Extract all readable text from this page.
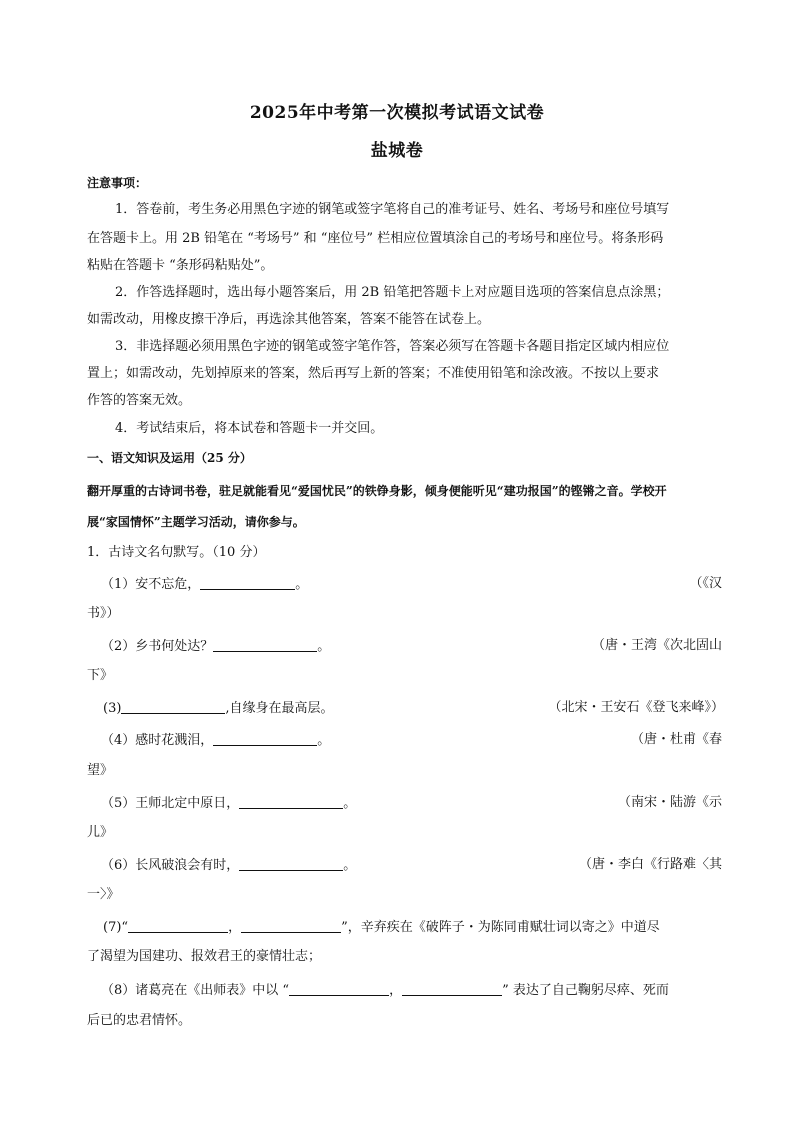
2025年中考第一次模拟考试语文试卷
盐城卷
注意事项：
1．答卷前，考生务必用黑色字迹的钢笔或签字笔将自己的准考证号、姓名、考场号和座位号填写
在答题卡上。用 2B 铅笔在 “考场号” 和 “座位号” 栏相应位置填涂自己的考场号和座位号。将条形码
粘贴在答题卡 “条形码粘贴处”。
2．作答选择题时，选出每小题答案后，用 2B 铅笔把答题卡上对应题目选项的答案信息点涂黑；
如需改动，用橡皮擦干净后，再选涂其他答案，答案不能答在试卷上。
3．非选择题必须用黑色字迹的钢笔或签字笔作答，答案必须写在答题卡各题目指定区域内相应位
置上；如需改动，先划掉原来的答案，然后再写上新的答案；不准使用铅笔和涂改液。不按以上要求
作答的答案无效。
4．考试结束后，将本试卷和答题卡一并交回。
一、语文知识及运用（25 分）
翻开厚重的古诗词书卷，驻足就能看见“爱国忧民”的铁铮身影，倾身便能听见“建功报国”的铿锵之音。学校开
展“家国情怀”主题学习活动，请你参与。
1．古诗文名句默写。（10 分）
（1）安不忘危，	。	（《汉
书》）
（2）乡书何处达？	。	（唐・王湾《次北固山
下》
(3)	,自缘身在最高层。	（北宋・王安石《登飞来峰》）
（4）感时花溅泪，	。	（唐・杜甫《春
望》
（5）王师北定中原日，	。	（南宋・陆游《示
儿》
（6）长风破浪会有时，	。	（唐・李白《行路难〈其
一〉》
(7)“	，	”，辛弃疾在《破阵子・为陈同甫赋壮词以寄之》中道尽
了渴望为国建功、报效君王的豪情壮志；
（8）诸葛亮在《出师表》中以 “	，	” 表达了自己鞠躬尽瘁、死而
后已的忠君情怀。
